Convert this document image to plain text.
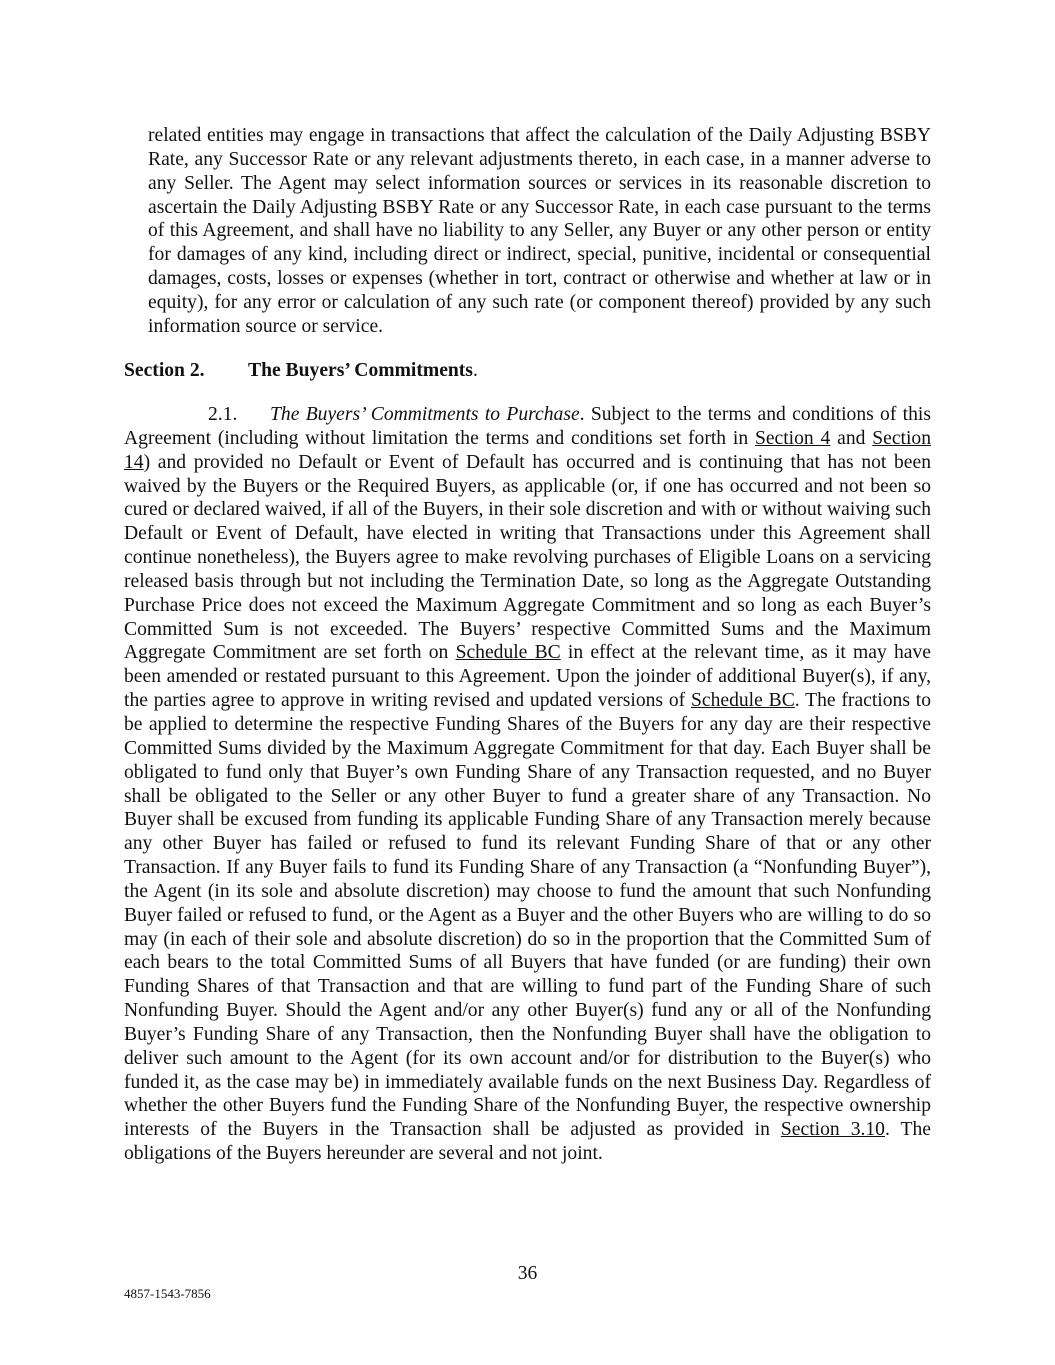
related entities may engage in transactions that affect the calculation of the Daily Adjusting BSBY Rate, any Successor Rate or any relevant adjustments thereto, in each case, in a manner adverse to any Seller. The Agent may select information sources or services in its reasonable discretion to ascertain the Daily Adjusting BSBY Rate or any Successor Rate, in each case pursuant to the terms of this Agreement, and shall have no liability to any Seller, any Buyer or any other person or entity for damages of any kind, including direct or indirect, special, punitive, incidental or consequential damages, costs, losses or expenses (whether in tort, contract or otherwise and whether at law or in equity), for any error or calculation of any such rate (or component thereof) provided by any such information source or service.

Section 2. The Buyers’ Commitments.

2.1. The Buyers’ Commitments to Purchase. Subject to the terms and conditions of this Agreement (including without limitation the terms and conditions set forth in Section 4 and Section 14) and provided no Default or Event of Default has occurred and is continuing that has not been waived by the Buyers or the Required Buyers, as applicable (or, if one has occurred and not been so cured or declared waived, if all of the Buyers, in their sole discretion and with or without waiving such Default or Event of Default, have elected in writing that Transactions under this Agreement shall continue nonetheless), the Buyers agree to make revolving purchases of Eligible Loans on a servicing released basis through but not including the Termination Date, so long as the Aggregate Outstanding Purchase Price does not exceed the Maximum Aggregate Commitment and so long as each Buyer’s Committed Sum is not exceeded. The Buyers’ respective Committed Sums and the Maximum Aggregate Commitment are set forth on Schedule BC in effect at the relevant time, as it may have been amended or restated pursuant to this Agreement. Upon the joinder of additional Buyer(s), if any, the parties agree to approve in writing revised and updated versions of Schedule BC. The fractions to be applied to determine the respective Funding Shares of the Buyers for any day are their respective Committed Sums divided by the Maximum Aggregate Commitment for that day. Each Buyer shall be obligated to fund only that Buyer’s own Funding Share of any Transaction requested, and no Buyer shall be obligated to the Seller or any other Buyer to fund a greater share of any Transaction. No Buyer shall be excused from funding its applicable Funding Share of any Transaction merely because any other Buyer has failed or refused to fund its relevant Funding Share of that or any other Transaction. If any Buyer fails to fund its Funding Share of any Transaction (a “Nonfunding Buyer”), the Agent (in its sole and absolute discretion) may choose to fund the amount that such Nonfunding Buyer failed or refused to fund, or the Agent as a Buyer and the other Buyers who are willing to do so may (in each of their sole and absolute discretion) do so in the proportion that the Committed Sum of each bears to the total Committed Sums of all Buyers that have funded (or are funding) their own Funding Shares of that Transaction and that are willing to fund part of the Funding Share of such Nonfunding Buyer. Should the Agent and/or any other Buyer(s) fund any or all of the Nonfunding Buyer’s Funding Share of any Transaction, then the Nonfunding Buyer shall have the obligation to deliver such amount to the Agent (for its own account and/or for distribution to the Buyer(s) who funded it, as the case may be) in immediately available funds on the next Business Day. Regardless of whether the other Buyers fund the Funding Share of the Nonfunding Buyer, the respective ownership interests of the Buyers in the Transaction shall be adjusted as provided in Section 3.10. The obligations of the Buyers hereunder are several and not joint.

36

4857-1543-7856
